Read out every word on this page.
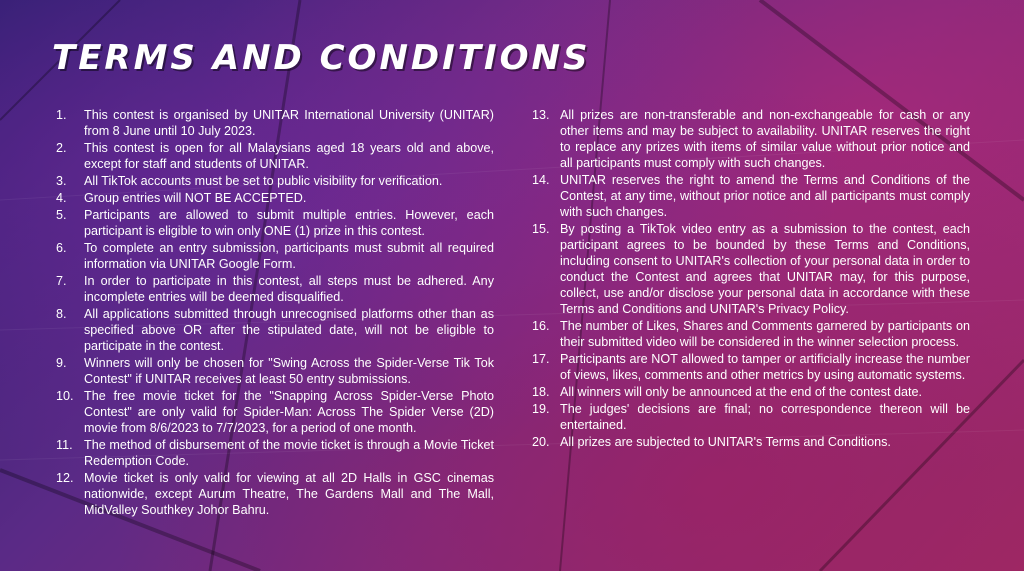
TERMS AND CONDITIONS
1.	This contest is organised by UNITAR International University (UNITAR) from 8 June until 10 July 2023.
2.	This contest is open for all Malaysians aged 18 years old and above, except for staff and students of UNITAR.
3.	All TikTok accounts must be set to public visibility for verification.
4.	Group entries will NOT BE ACCEPTED.
5.	Participants are allowed to submit multiple entries. However, each participant is eligible to win only ONE (1) prize in this contest.
6.	To complete an entry submission, participants must submit all required information via UNITAR Google Form.
7.	In order to participate in this contest, all steps must be adhered. Any incomplete entries will be deemed disqualified.
8.	All applications submitted through unrecognised platforms other than as specified above OR after the stipulated date, will not be eligible to participate in the contest.
9.	Winners will only be chosen for "Swing Across the Spider-Verse Tik Tok Contest" if UNITAR receives at least 50 entry submissions.
10. The free movie ticket for the "Snapping Across Spider-Verse Photo Contest" are only valid for Spider-Man: Across The Spider Verse (2D) movie from 8/6/2023 to 7/7/2023, for a period of one month.
11. The method of disbursement of the movie ticket is through a Movie Ticket Redemption Code.
12. Movie ticket is only valid for viewing at all 2D Halls in GSC cinemas nationwide, except Aurum Theatre, The Gardens Mall and The Mall, MidValley Southkey Johor Bahru.
13. All prizes are non-transferable and non-exchangeable for cash or any other items and may be subject to availability. UNITAR reserves the right to replace any prizes with items of similar value without prior notice and all participants must comply with such changes.
14. UNITAR reserves the right to amend the Terms and Conditions of the Contest, at any time, without prior notice and all participants must comply with such changes.
15. By posting a TikTok video entry as a submission to the contest, each participant agrees to be bounded by these Terms and Conditions, including consent to UNITAR's collection of your personal data in order to conduct the Contest and agrees that UNITAR may, for this purpose, collect, use and/or disclose your personal data in accordance with these Terms and Conditions and UNITAR's Privacy Policy.
16. The number of Likes, Shares and Comments garnered by participants on their submitted video will be considered in the winner selection process.
17. Participants are NOT allowed to tamper or artificially increase the number of views, likes, comments and other metrics by using automatic systems.
18. All winners will only be announced at the end of the contest date.
19. The judges' decisions are final; no correspondence thereon will be entertained.
20. All prizes are subjected to UNITAR's Terms and Conditions.
